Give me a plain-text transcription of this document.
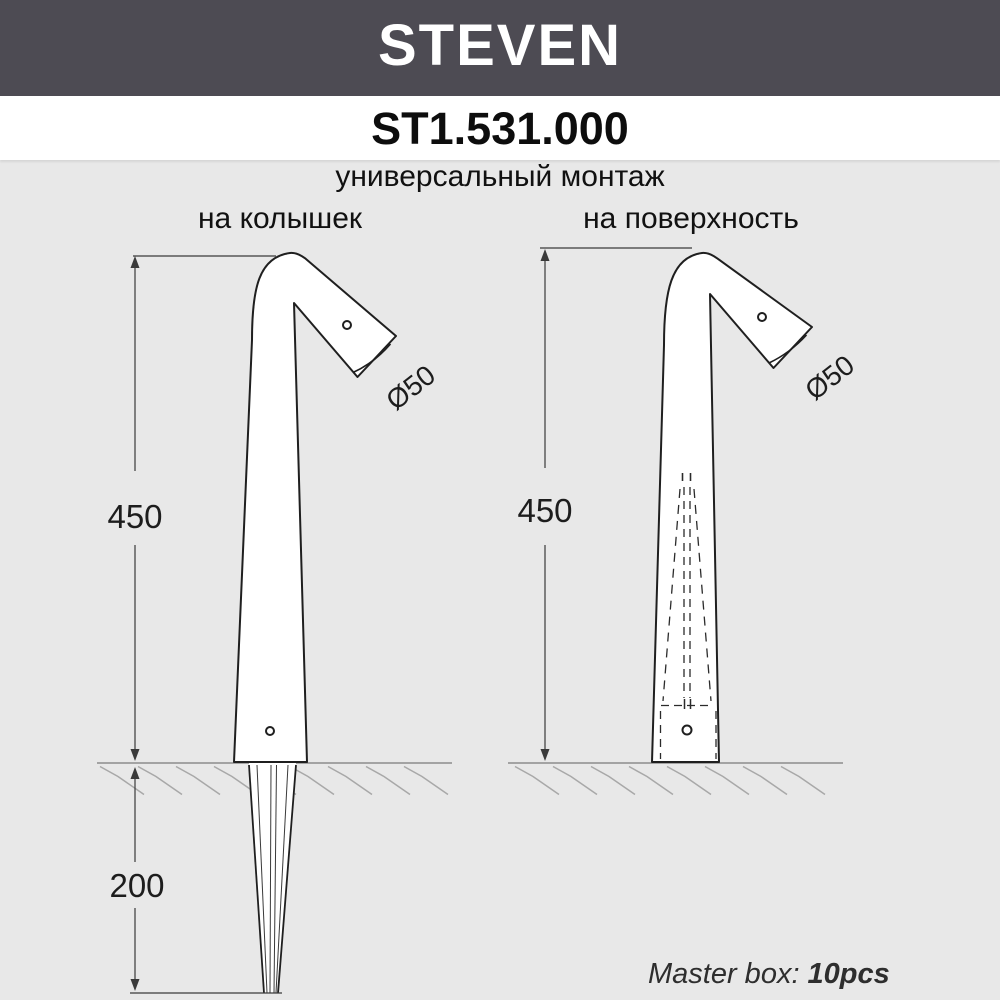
STEVEN
ST1.531.000
универсальный монтаж
на колышек	на поверхность
450
200
450
Ø50	Ø50
Master box: 10pcs
